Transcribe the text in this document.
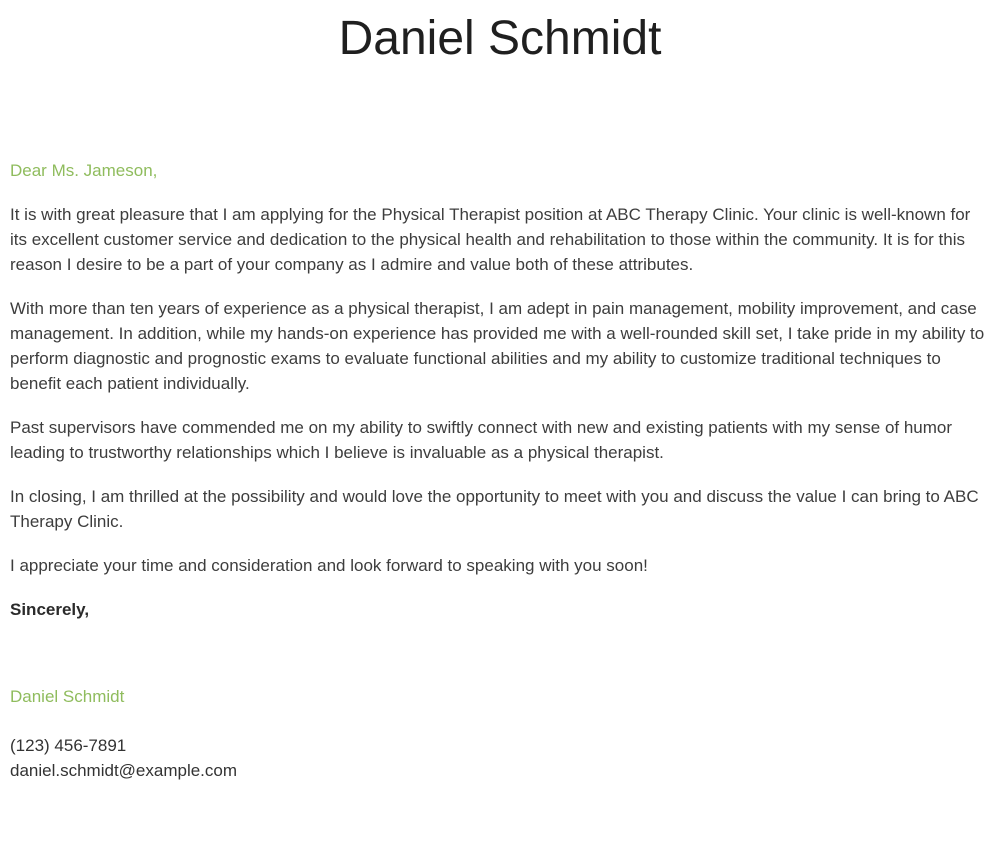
Daniel Schmidt

Dear Ms. Jameson,

It is with great pleasure that I am applying for the Physical Therapist position at ABC Therapy Clinic. Your clinic is well-known for its excellent customer service and dedication to the physical health and rehabilitation to those within the community. It is for this reason I desire to be a part of your company as I admire and value both of these attributes.

With more than ten years of experience as a physical therapist, I am adept in pain management, mobility improvement, and case management. In addition, while my hands-on experience has provided me with a well-rounded skill set, I take pride in my ability to perform diagnostic and prognostic exams to evaluate functional abilities and my ability to customize traditional techniques to benefit each patient individually.

Past supervisors have commended me on my ability to swiftly connect with new and existing patients with my sense of humor leading to trustworthy relationships which I believe is invaluable as a physical therapist.

In closing, I am thrilled at the possibility and would love the opportunity to meet with you and discuss the value I can bring to ABC Therapy Clinic.

I appreciate your time and consideration and look forward to speaking with you soon!

Sincerely,

Daniel Schmidt

(123) 456-7891
daniel.schmidt@example.com
